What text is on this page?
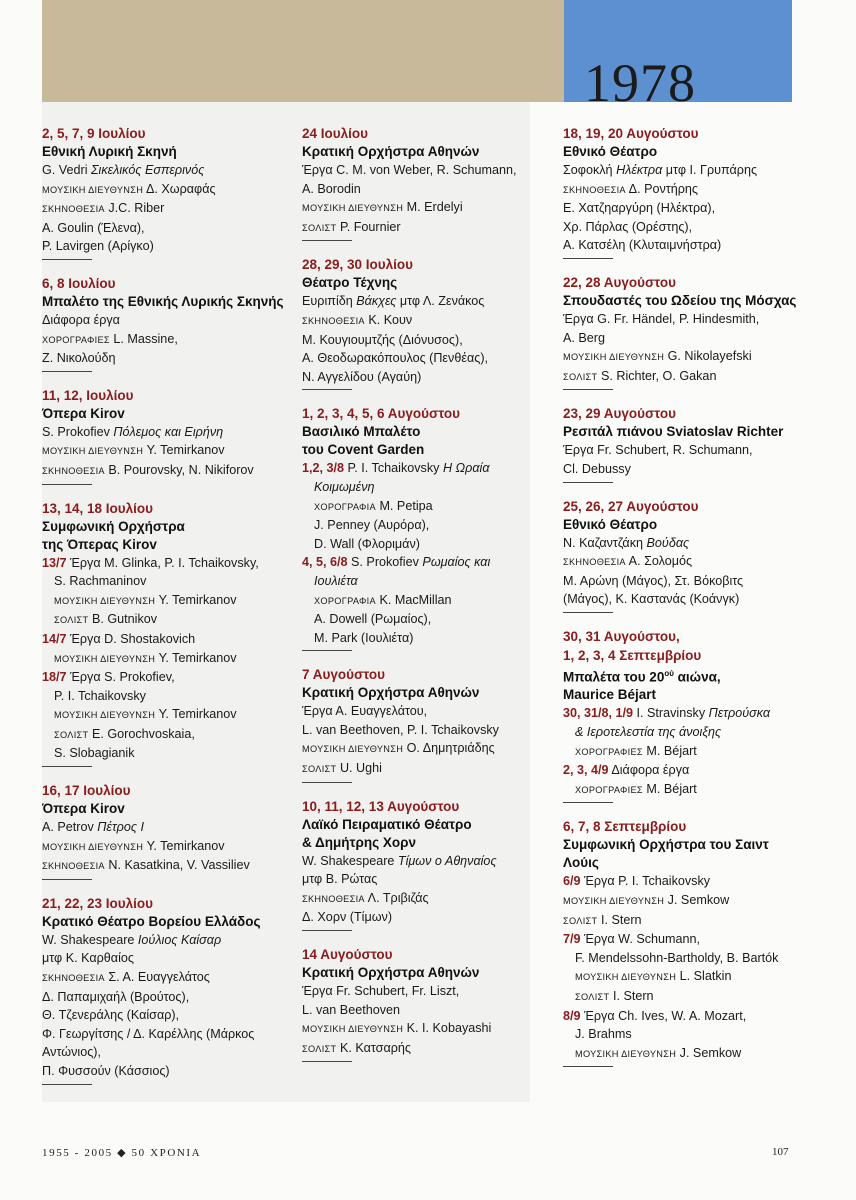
1978
2, 5, 7, 9 Ιουλίου
Εθνική Λυρική Σκηνή
G. Vedri Σικελικός Εσπερινός
ΜΟΥΣΙΚΗ ΔΙΕΥΘΥΝΣΗ Δ. Χωραφάς
ΣΚΗΝΟΘΕΣΙΑ J.C. Riber
A. Goulin (Έλενα),
P. Lavirgen (Αρίγκο)
6, 8 Ιουλίου
Μπαλέτο της Εθνικής Λυρικής Σκηνής
Διάφορα έργα
ΧΟΡΟΓΡΑΦΙΕΣ L. Massine,
Ζ. Νικολούδη
11, 12, Ιουλίου
Όπερα Kirov
S. Prokofiev Πόλεμος και Ειρήνη
ΜΟΥΣΙΚΗ ΔΙΕΥΘΥΝΣΗ Y. Temirkanov
ΣΚΗΝΟΘΕΣΙΑ B. Pourovsky, N. Nikiforov
13, 14, 18 Ιουλίου
Συμφωνική Ορχήστρα
της Όπερας Kirov
13/7 Έργα M. Glinka, P. I. Tchaikovsky,
S. Rachmaninov
ΜΟΥΣΙΚΗ ΔΙΕΥΘΥΝΣΗ Y. Temirkanov
ΣΟΛΙΣΤ B. Gutnikov
14/7 Έργα D. Shostakovich
ΜΟΥΣΙΚΗ ΔΙΕΥΘΥΝΣΗ Y. Temirkanov
18/7 Έργα S. Prokofiev,
P. I. Tchaikovsky
ΜΟΥΣΙΚΗ ΔΙΕΥΘΥΝΣΗ Y. Temirkanov
ΣΟΛΙΣΤ E. Gorochvoskaia,
S. Slobagianik
16, 17 Ιουλίου
Όπερα Kirov
A. Petrov Πέτρος Ι
ΜΟΥΣΙΚΗ ΔΙΕΥΘΥΝΣΗ Y. Temirkanov
ΣΚΗΝΟΘΕΣΙΑ N. Kasatkina, V. Vassiliev
21, 22, 23 Ιουλίου
Κρατικό Θέατρο Βορείου Ελλάδος
W. Shakespeare Ιούλιος Καίσαρ
μτφ Κ. Καρθαίος
ΣΚΗΝΟΘΕΣΙΑ Σ. Α. Ευαγγελάτος
Δ. Παπαμιχαήλ (Βρούτος),
Θ. Τζενεράλης (Καίσαρ),
Φ. Γεωργίτσης / Δ. Καρέλλης (Μάρκος
Αντώνιος),
Π. Φυσσούν (Κάσσιος)
24 Ιουλίου
Κρατική Ορχήστρα Αθηνών
Έργα C. M. von Weber, R. Schumann,
A. Borodin
ΜΟΥΣΙΚΗ ΔΙΕΥΘΥΝΣΗ M. Erdelyi
ΣΟΛΙΣΤ P. Fournier
28, 29, 30 Ιουλίου
Θέατρο Τέχνης
Ευριπίδη Βάκχες μτφ Λ. Ζενάκος
ΣΚΗΝΟΘΕΣΙΑ Κ. Κουν
Μ. Κουγιουμτζής (Διόνυσος),
Α. Θεοδωρακόπουλος (Πενθέας),
Ν. Αγγελίδου (Αγαύη)
1, 2, 3, 4, 5, 6 Αυγούστου
Βασιλικό Μπαλέτο
του Covent Garden
1,2, 3/8 P. I. Tchaikovsky Η Ωραία
Κοιμωμένη
ΧΟΡΟΓΡΑΦΙΑ M. Petipa
J. Penney (Αυρόρα),
D. Wall (Φλοριμάν)
4, 5, 6/8 S. Prokofiev Ρωμαίος και
Ιουλιέτα
ΧΟΡΟΓΡΑΦΙΑ K. MacMillan
A. Dowell (Ρωμαίος),
M. Park (Ιουλιέτα)
7 Αυγούστου
Κρατική Ορχήστρα Αθηνών
Έργα Α. Ευαγγελάτου,
L. van Beethoven, P. I. Tchaikovsky
ΜΟΥΣΙΚΗ ΔΙΕΥΘΥΝΣΗ Ο. Δημητριάδης
ΣΟΛΙΣΤ U. Ughi
10, 11, 12, 13 Αυγούστου
Λαϊκό Πειραματικό Θέατρο
& Δημήτρης Χορν
W. Shakespeare Τίμων ο Αθηναίος
μτφ Β. Ρώτας
ΣΚΗΝΟΘΕΣΙΑ Λ. Τριβιζάς
Δ. Χορν (Τίμων)
14 Αυγούστου
Κρατική Ορχήστρα Αθηνών
Έργα Fr. Schubert, Fr. Liszt,
L. van Beethoven
ΜΟΥΣΙΚΗ ΔΙΕΥΘΥΝΣΗ K. I. Kobayashi
ΣΟΛΙΣΤ Κ. Κατσαρής
18, 19, 20 Αυγούστου
Εθνικό Θέατρο
Σοφοκλή Ηλέκτρα μτφ Ι. Γρυπάρης
ΣΚΗΝΟΘΕΣΙΑ Δ. Ροντήρης
Ε. Χατζηαργύρη (Ηλέκτρα),
Χρ. Πάρλας (Ορέστης),
Α. Κατσέλη (Κλυταιμνήστρα)
22, 28 Αυγούστου
Σπουδαστές του Ωδείου της Μόσχας
Έργα G. Fr. Händel, P. Hindesmith,
A. Berg
ΜΟΥΣΙΚΗ ΔΙΕΥΘΥΝΣΗ G. Nikolayefski
ΣΟΛΙΣΤ S. Richter, O. Gakan
23, 29 Αυγούστου
Ρεσιτάλ πιάνου Sviatoslav Richter
Έργα Fr. Schubert, R. Schumann,
Cl. Debussy
25, 26, 27 Αυγούστου
Εθνικό Θέατρο
Ν. Καζαντζάκη Βούδας
ΣΚΗΝΟΘΕΣΙΑ Α. Σολομός
Μ. Αρώνη (Μάγος), Στ. Βόκοβιτς
(Μάγος), Κ. Καστανάς (Κοάνγκ)
30, 31 Αυγούστου,
1, 2, 3, 4 Σεπτεμβρίου
Μπαλέτα του $20^{oύ}$ αιώνα,
Maurice Béjart
30, 31/8, 1/9 I. Stravinsky Πετρούσκα
& Ιεροτελεστία της άνοιξης
ΧΟΡΟΓΡΑΦΙΕΣ M. Béjart
2, 3, 4/9 Διάφορα έργα
ΧΟΡΟΓΡΑΦΙΕΣ M. Béjart
6, 7, 8 Σεπτεμβρίου
Συμφωνική Ορχήστρα του Σαιντ Λούις
6/9 Έργα P. I. Tchaikovsky
ΜΟΥΣΙΚΗ ΔΙΕΥΘΥΝΣΗ J. Semkow
ΣΟΛΙΣΤ I. Stern
7/9 Έργα W. Schumann,
F. Mendelssohn-Bartholdy, B. Bartók
ΜΟΥΣΙΚΗ ΔΙΕΥΘΥΝΣΗ L. Slatkin
ΣΟΛΙΣΤ I. Stern
8/9 Έργα Ch. Ives, W. A. Mozart,
J. Brahms
ΜΟΥΣΙΚΗ ΔΙΕΥΘΥΝΣΗ J. Semkow
1955 - 2005 ◆ 50 ΧΡΟΝΙΑ	107
